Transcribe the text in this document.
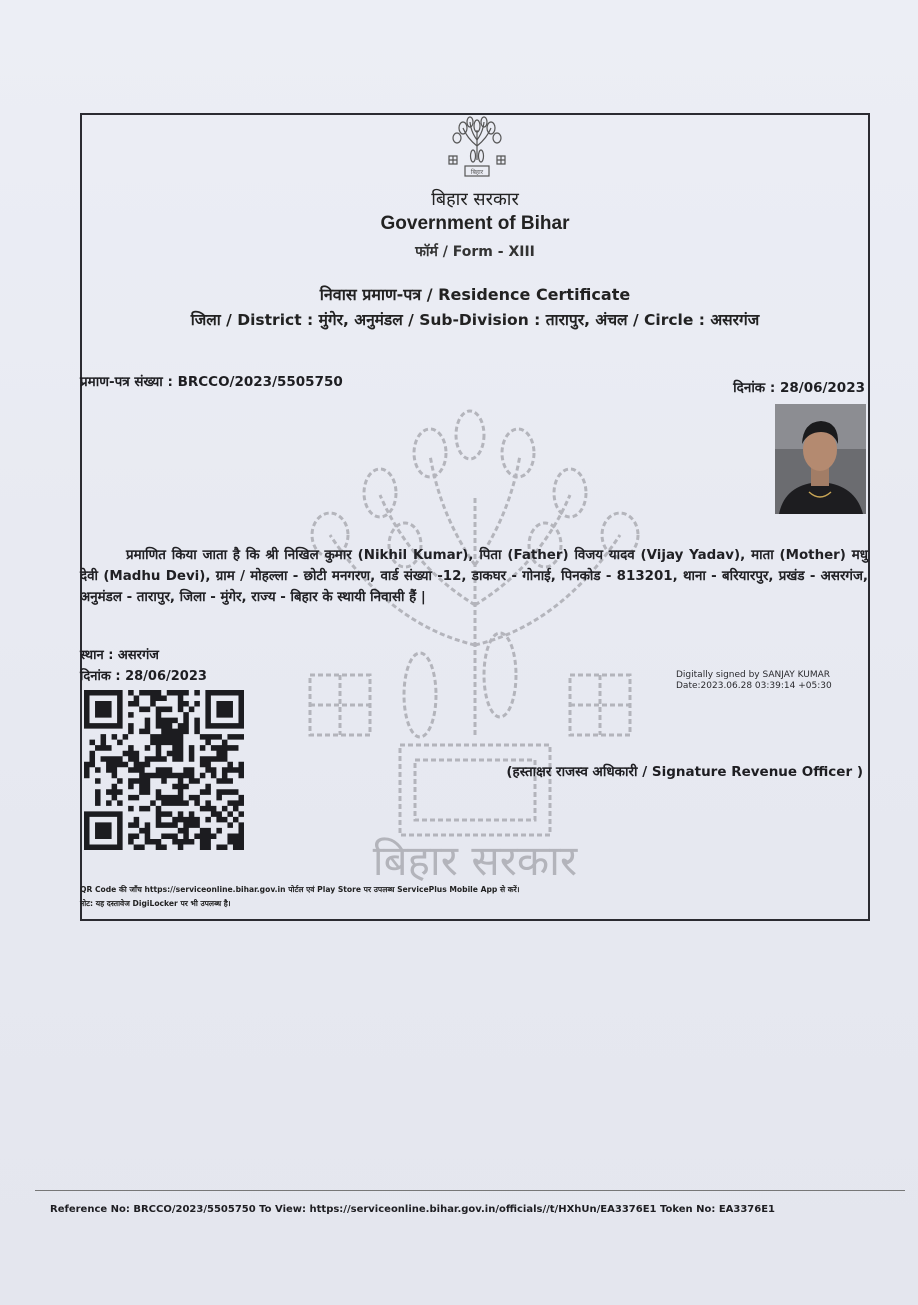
बिहार
बिहार सरकार
Government of Bihar
फॉर्म / Form - XIII
निवास प्रमाण-पत्र / Residence Certificate
जिला / District : मुंगेर, अनुमंडल / Sub-Division : तारापुर, अंचल / Circle : असरगंज
प्रमाण-पत्र संख्या : BRCCO/2023/5505750	दिनांक : 28/06/2023
बिहार सरकार
प्रमाणित किया जाता है कि श्री निखिल कुमार (Nikhil Kumar), पिता (Father) विजय यादव (Vijay Yadav), माता (Mother) मधु देवी (Madhu Devi), ग्राम / मोहल्ला - छोटी मनगरण, वार्ड संख्या -12, डाकघर - गोनाई, पिनकोड - 813201, थाना - बरियारपुर, प्रखंड - असरगंज, अनुमंडल - तारापुर, जिला - मुंगेर, राज्य - बिहार के स्थायी निवासी हैं |
स्थान : असरगंज
दिनांक : 28/06/2023	Digitally signed by SANJAY KUMAR
Date:2023.06.28 03:39:14 +05:30
(हस्ताक्षर राजस्व अधिकारी / Signature Revenue Officer )
QR Code की जाँच https://serviceonline.bihar.gov.in पोर्टल एवं Play Store पर उपलब्ध ServicePlus Mobile App से करें।
नोट: यह दस्तावेज DigiLocker पर भी उपलब्ध है।
Reference No: BRCCO/2023/5505750 To View: https://serviceonline.bihar.gov.in/officials//t/HXhUn/EA3376E1 Token No: EA3376E1
